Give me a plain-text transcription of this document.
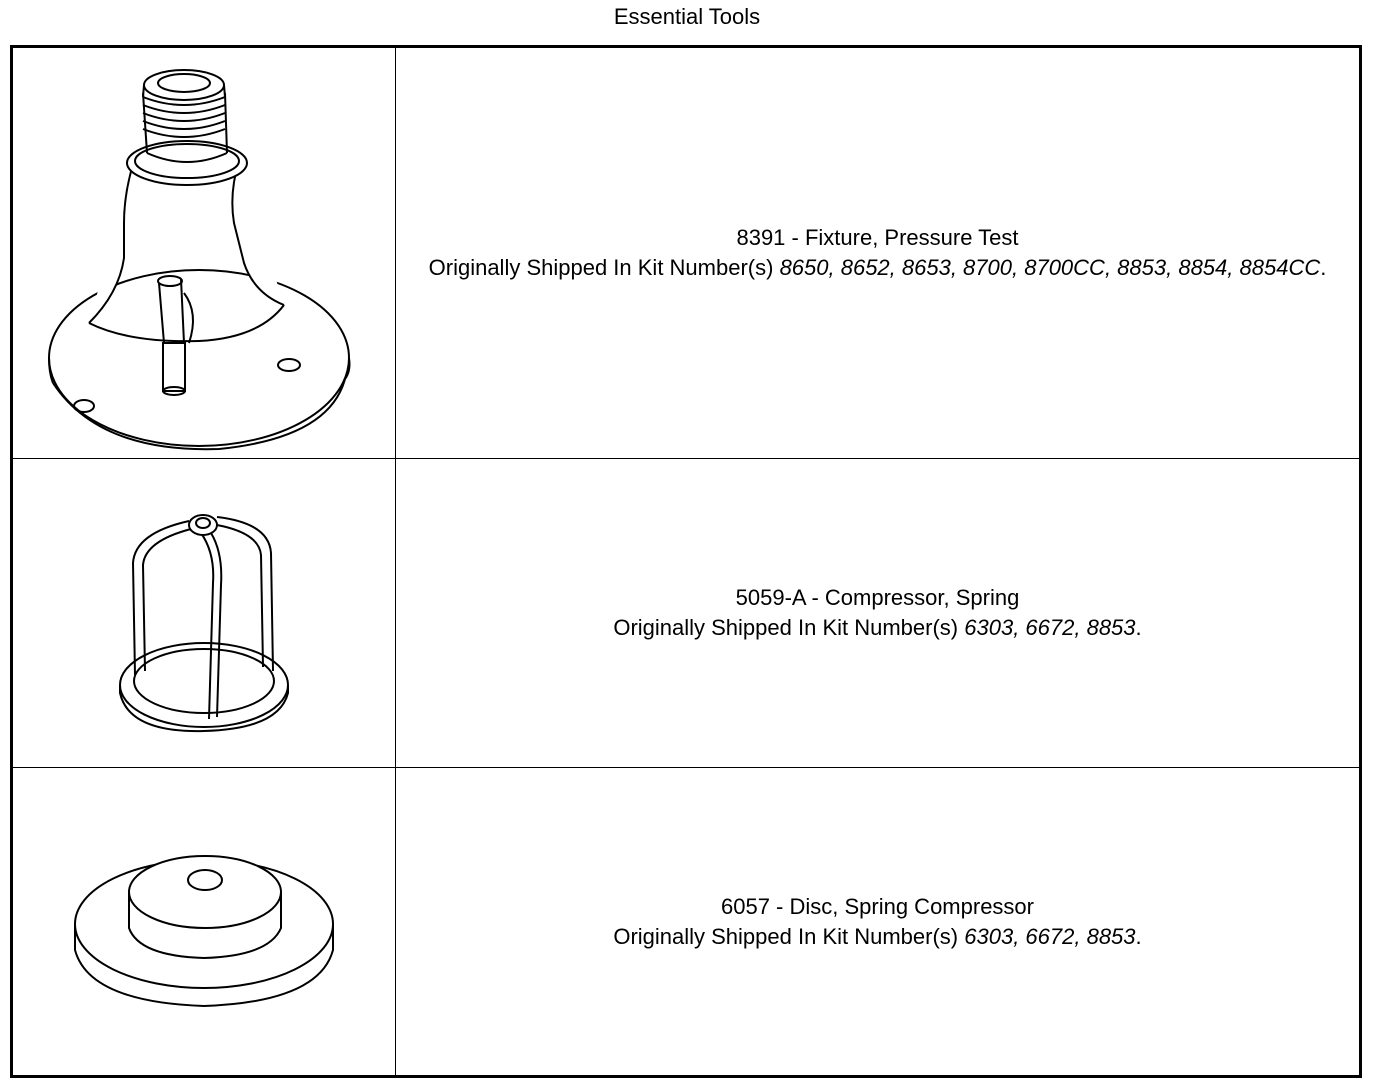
Essential Tools

8391 - Fixture, Pressure Test
Originally Shipped In Kit Number(s) 8650, 8652, 8653, 8700, 8700CC, 8853, 8854, 8854CC.

5059-A - Compressor, Spring
Originally Shipped In Kit Number(s) 6303, 6672, 8853.

6057 - Disc, Spring Compressor
Originally Shipped In Kit Number(s) 6303, 6672, 8853.
